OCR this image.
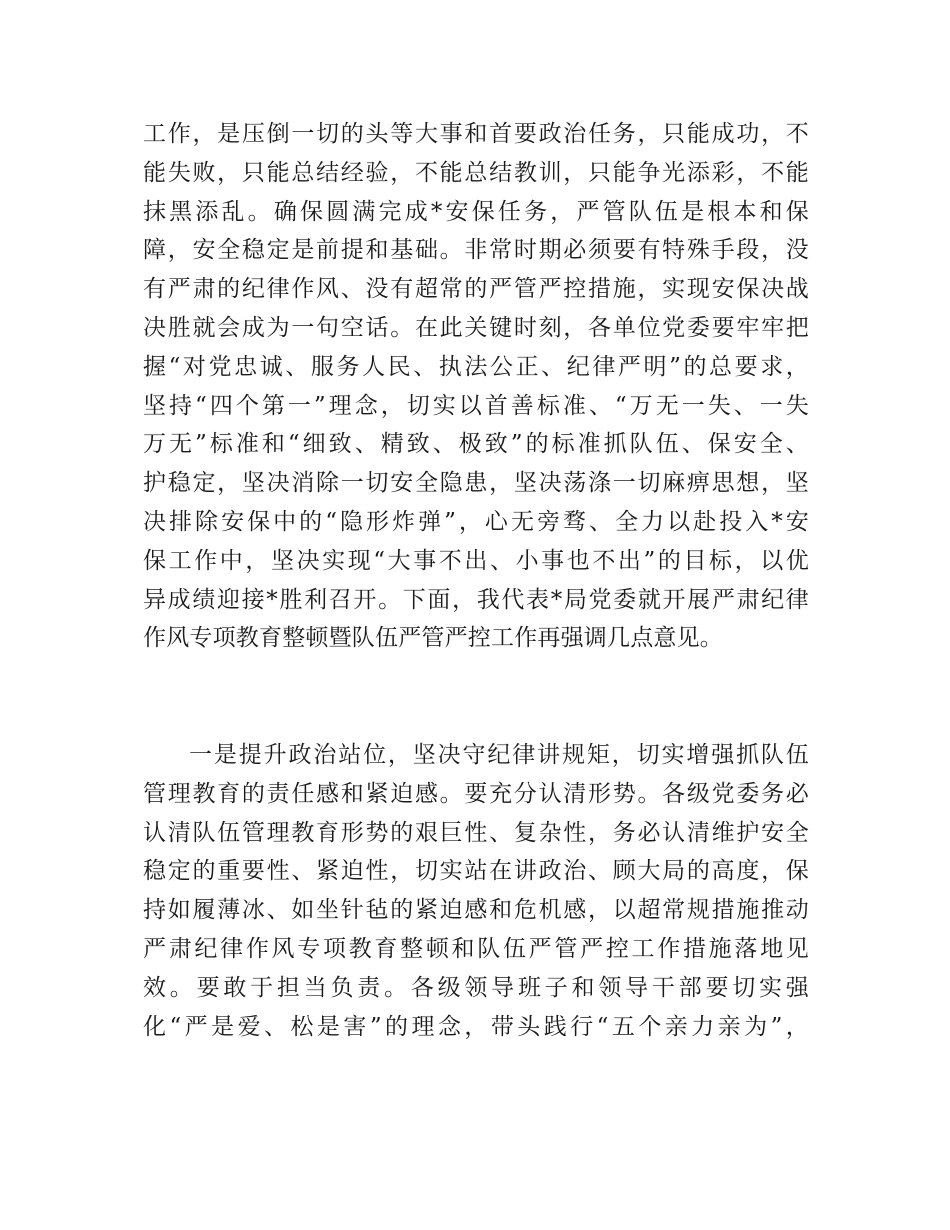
工作，是压倒一切的头等大事和首要政治任务，只能成功，不
能失败，只能总结经验，不能总结教训，只能争光添彩，不能
抹黑添乱。确保圆满完成*安保任务，严管队伍是根本和保
障，安全稳定是前提和基础。非常时期必须要有特殊手段，没
有严肃的纪律作风、没有超常的严管严控措施，实现安保决战
决胜就会成为一句空话。在此关键时刻，各单位党委要牢牢把
握“对党忠诚、服务人民、执法公正、纪律严明”的总要求，
坚持“四个第一”理念，切实以首善标准、“万无一失、一失
万无”标准和“细致、精致、极致”的标准抓队伍、保安全、
护稳定，坚决消除一切安全隐患，坚决荡涤一切麻痹思想，坚
决排除安保中的“隐形炸弹”，心无旁骛、全力以赴投入*安
保工作中，坚决实现“大事不出、小事也不出”的目标，以优
异成绩迎接*胜利召开。下面，我代表*局党委就开展严肃纪律
作风专项教育整顿暨队伍严管严控工作再强调几点意见。
一是提升政治站位，坚决守纪律讲规矩，切实增强抓队伍
管理教育的责任感和紧迫感。要充分认清形势。各级党委务必
认清队伍管理教育形势的艰巨性、复杂性，务必认清维护安全
稳定的重要性、紧迫性，切实站在讲政治、顾大局的高度，保
持如履薄冰、如坐针毡的紧迫感和危机感，以超常规措施推动
严肃纪律作风专项教育整顿和队伍严管严控工作措施落地见
效。要敢于担当负责。各级领导班子和领导干部要切实强
化“严是爱、松是害”的理念，带头践行“五个亲力亲为”，
